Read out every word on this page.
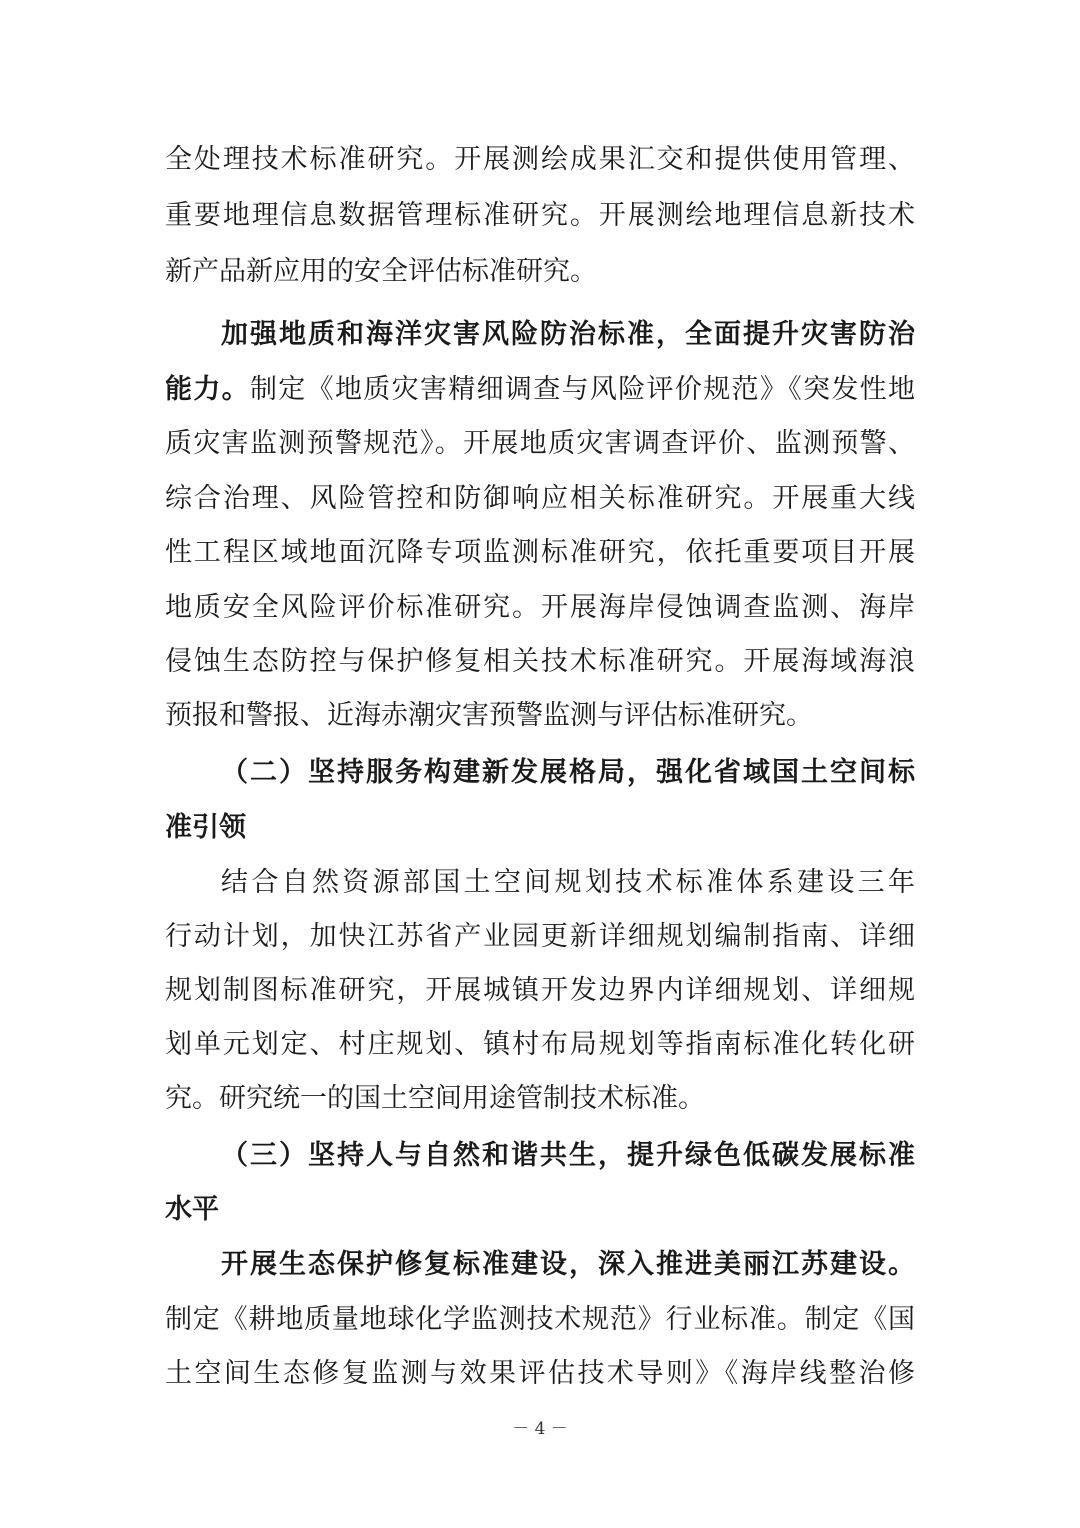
全处理技术标准研究。开展测绘成果汇交和提供使用管理、
重要地理信息数据管理标准研究。开展测绘地理信息新技术
新产品新应用的安全评估标准研究。
加强地质和海洋灾害风险防治标准，全面提升灾害防治
能力。制定《地质灾害精细调查与风险评价规范》《突发性地
质灾害监测预警规范》。开展地质灾害调查评价、监测预警、
综合治理、风险管控和防御响应相关标准研究。开展重大线
性工程区域地面沉降专项监测标准研究，依托重要项目开展
地质安全风险评价标准研究。开展海岸侵蚀调查监测、海岸
侵蚀生态防控与保护修复相关技术标准研究。开展海域海浪
预报和警报、近海赤潮灾害预警监测与评估标准研究。
（二）坚持服务构建新发展格局，强化省域国土空间标
准引领
结合自然资源部国土空间规划技术标准体系建设三年
行动计划，加快江苏省产业园更新详细规划编制指南、详细
规划制图标准研究，开展城镇开发边界内详细规划、详细规
划单元划定、村庄规划、镇村布局规划等指南标准化转化研
究。研究统一的国土空间用途管制技术标准。
（三）坚持人与自然和谐共生，提升绿色低碳发展标准
水平
开展生态保护修复标准建设，深入推进美丽江苏建设。
制定《耕地质量地球化学监测技术规范》行业标准。制定《国
土空间生态修复监测与效果评估技术导则》《海岸线整治修
－ 4 －
